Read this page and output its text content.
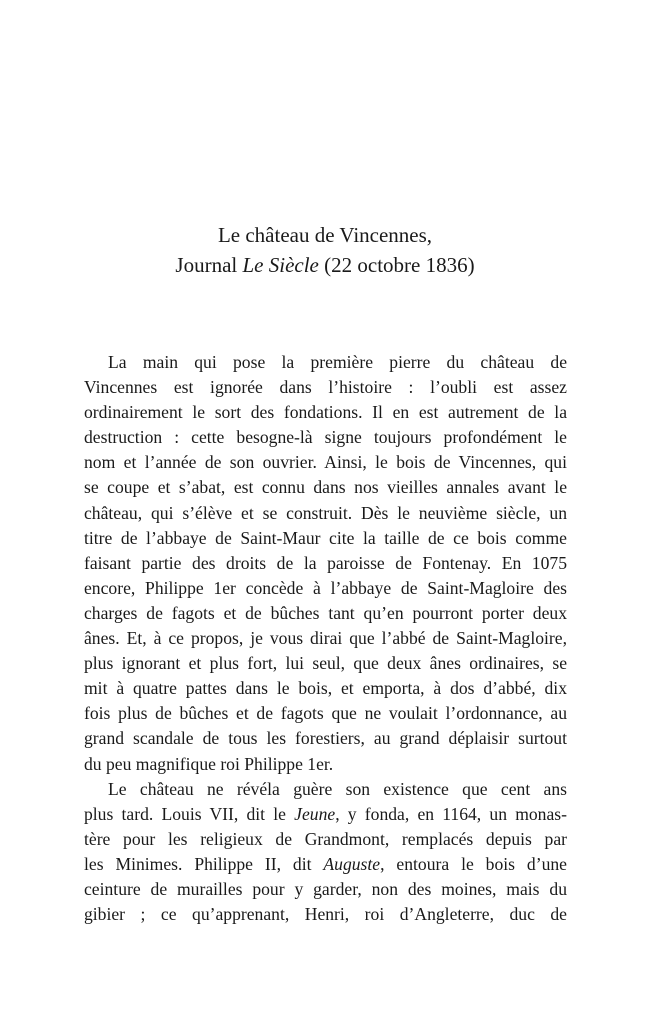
Le château de Vincennes,
Journal Le Siècle (22 octobre 1836)
La main qui pose la première pierre du château de
Vincennes est ignorée dans l’histoire : l’oubli est assez
ordinairement le sort des fondations. Il en est autrement de la
destruction : cette besogne-là signe toujours profondément le
nom et l’année de son ouvrier. Ainsi, le bois de Vincennes, qui
se coupe et s’abat, est connu dans nos vieilles annales avant le
château, qui s’élève et se construit. Dès le neuvième siècle, un
titre de l’abbaye de Saint-Maur cite la taille de ce bois comme
faisant partie des droits de la paroisse de Fontenay. En 1075
encore, Philippe 1er concède à l’abbaye de Saint-Magloire des
charges de fagots et de bûches tant qu’en pourront porter deux
ânes. Et, à ce propos, je vous dirai que l’abbé de Saint-Magloire,
plus ignorant et plus fort, lui seul, que deux ânes ordinaires, se
mit à quatre pattes dans le bois, et emporta, à dos d’abbé, dix
fois plus de bûches et de fagots que ne voulait l’ordonnance, au
grand scandale de tous les forestiers, au grand déplaisir surtout
du peu magnifique roi Philippe 1er.
Le château ne révéla guère son existence que cent ans
plus tard. Louis VII, dit le Jeune, y fonda, en 1164, un monas-
tère pour les religieux de Grandmont, remplacés depuis par
les Minimes. Philippe II, dit Auguste, entoura le bois d’une
ceinture de murailles pour y garder, non des moines, mais du
gibier ; ce qu’apprenant, Henri, roi d’Angleterre, duc de
